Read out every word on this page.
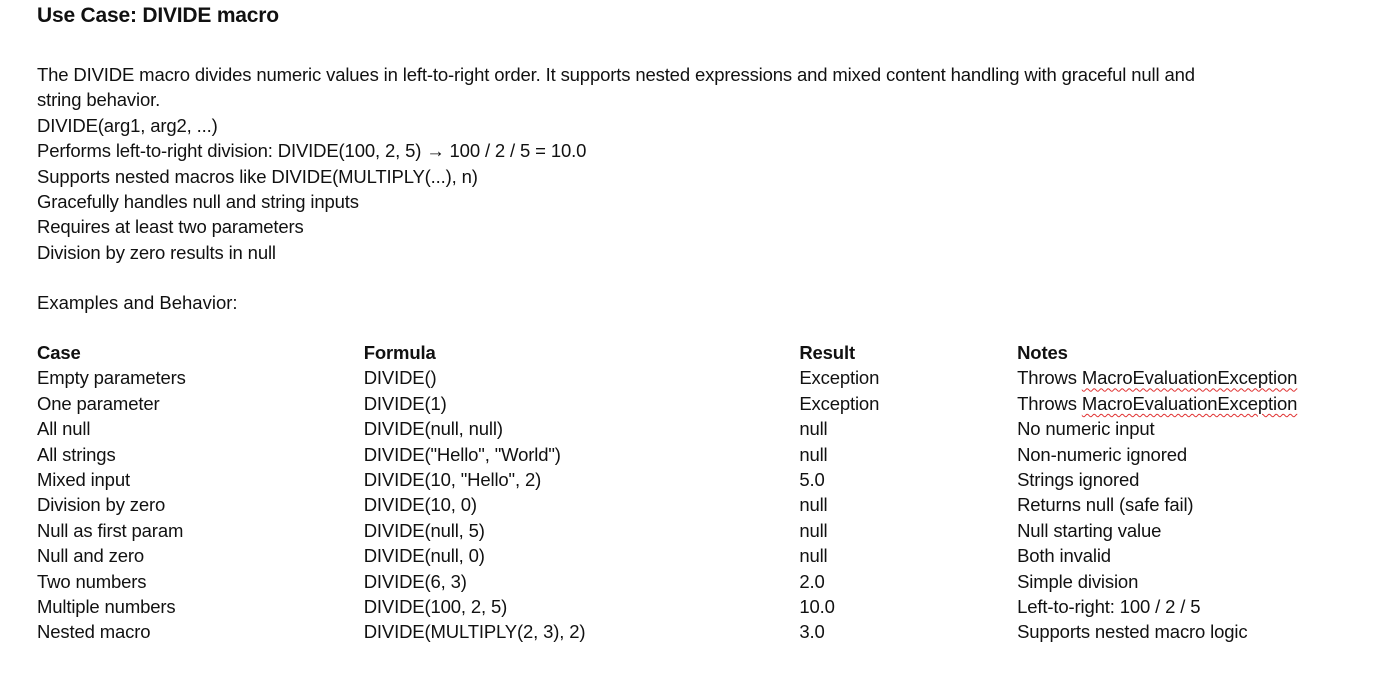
Use Case: DIVIDE macro
The DIVIDE macro divides numeric values in left-to-right order. It supports nested expressions and mixed content handling with graceful null and
string behavior.
DIVIDE(arg1, arg2, ...)
Performs left-to-right division: DIVIDE(100, 2, 5) → 100 / 2 / 5 = 10.0
Supports nested macros like DIVIDE(MULTIPLY(...), n)
Gracefully handles null and string inputs
Requires at least two parameters
Division by zero results in null
Examples and Behavior:
Case	Formula	Result	Notes
Empty parameters	DIVIDE()	Exception	Throws MacroEvaluationException
One parameter	DIVIDE(1)	Exception	Throws MacroEvaluationException
All null	DIVIDE(null, null)	null	No numeric input
All strings	DIVIDE("Hello", "World")	null	Non-numeric ignored
Mixed input	DIVIDE(10, "Hello", 2)	5.0	Strings ignored
Division by zero	DIVIDE(10, 0)	null	Returns null (safe fail)
Null as first param	DIVIDE(null, 5)	null	Null starting value
Null and zero	DIVIDE(null, 0)	null	Both invalid
Two numbers	DIVIDE(6, 3)	2.0	Simple division
Multiple numbers	DIVIDE(100, 2, 5)	10.0	Left-to-right: 100 / 2 / 5
Nested macro	DIVIDE(MULTIPLY(2, 3), 2)	3.0	Supports nested macro logic
